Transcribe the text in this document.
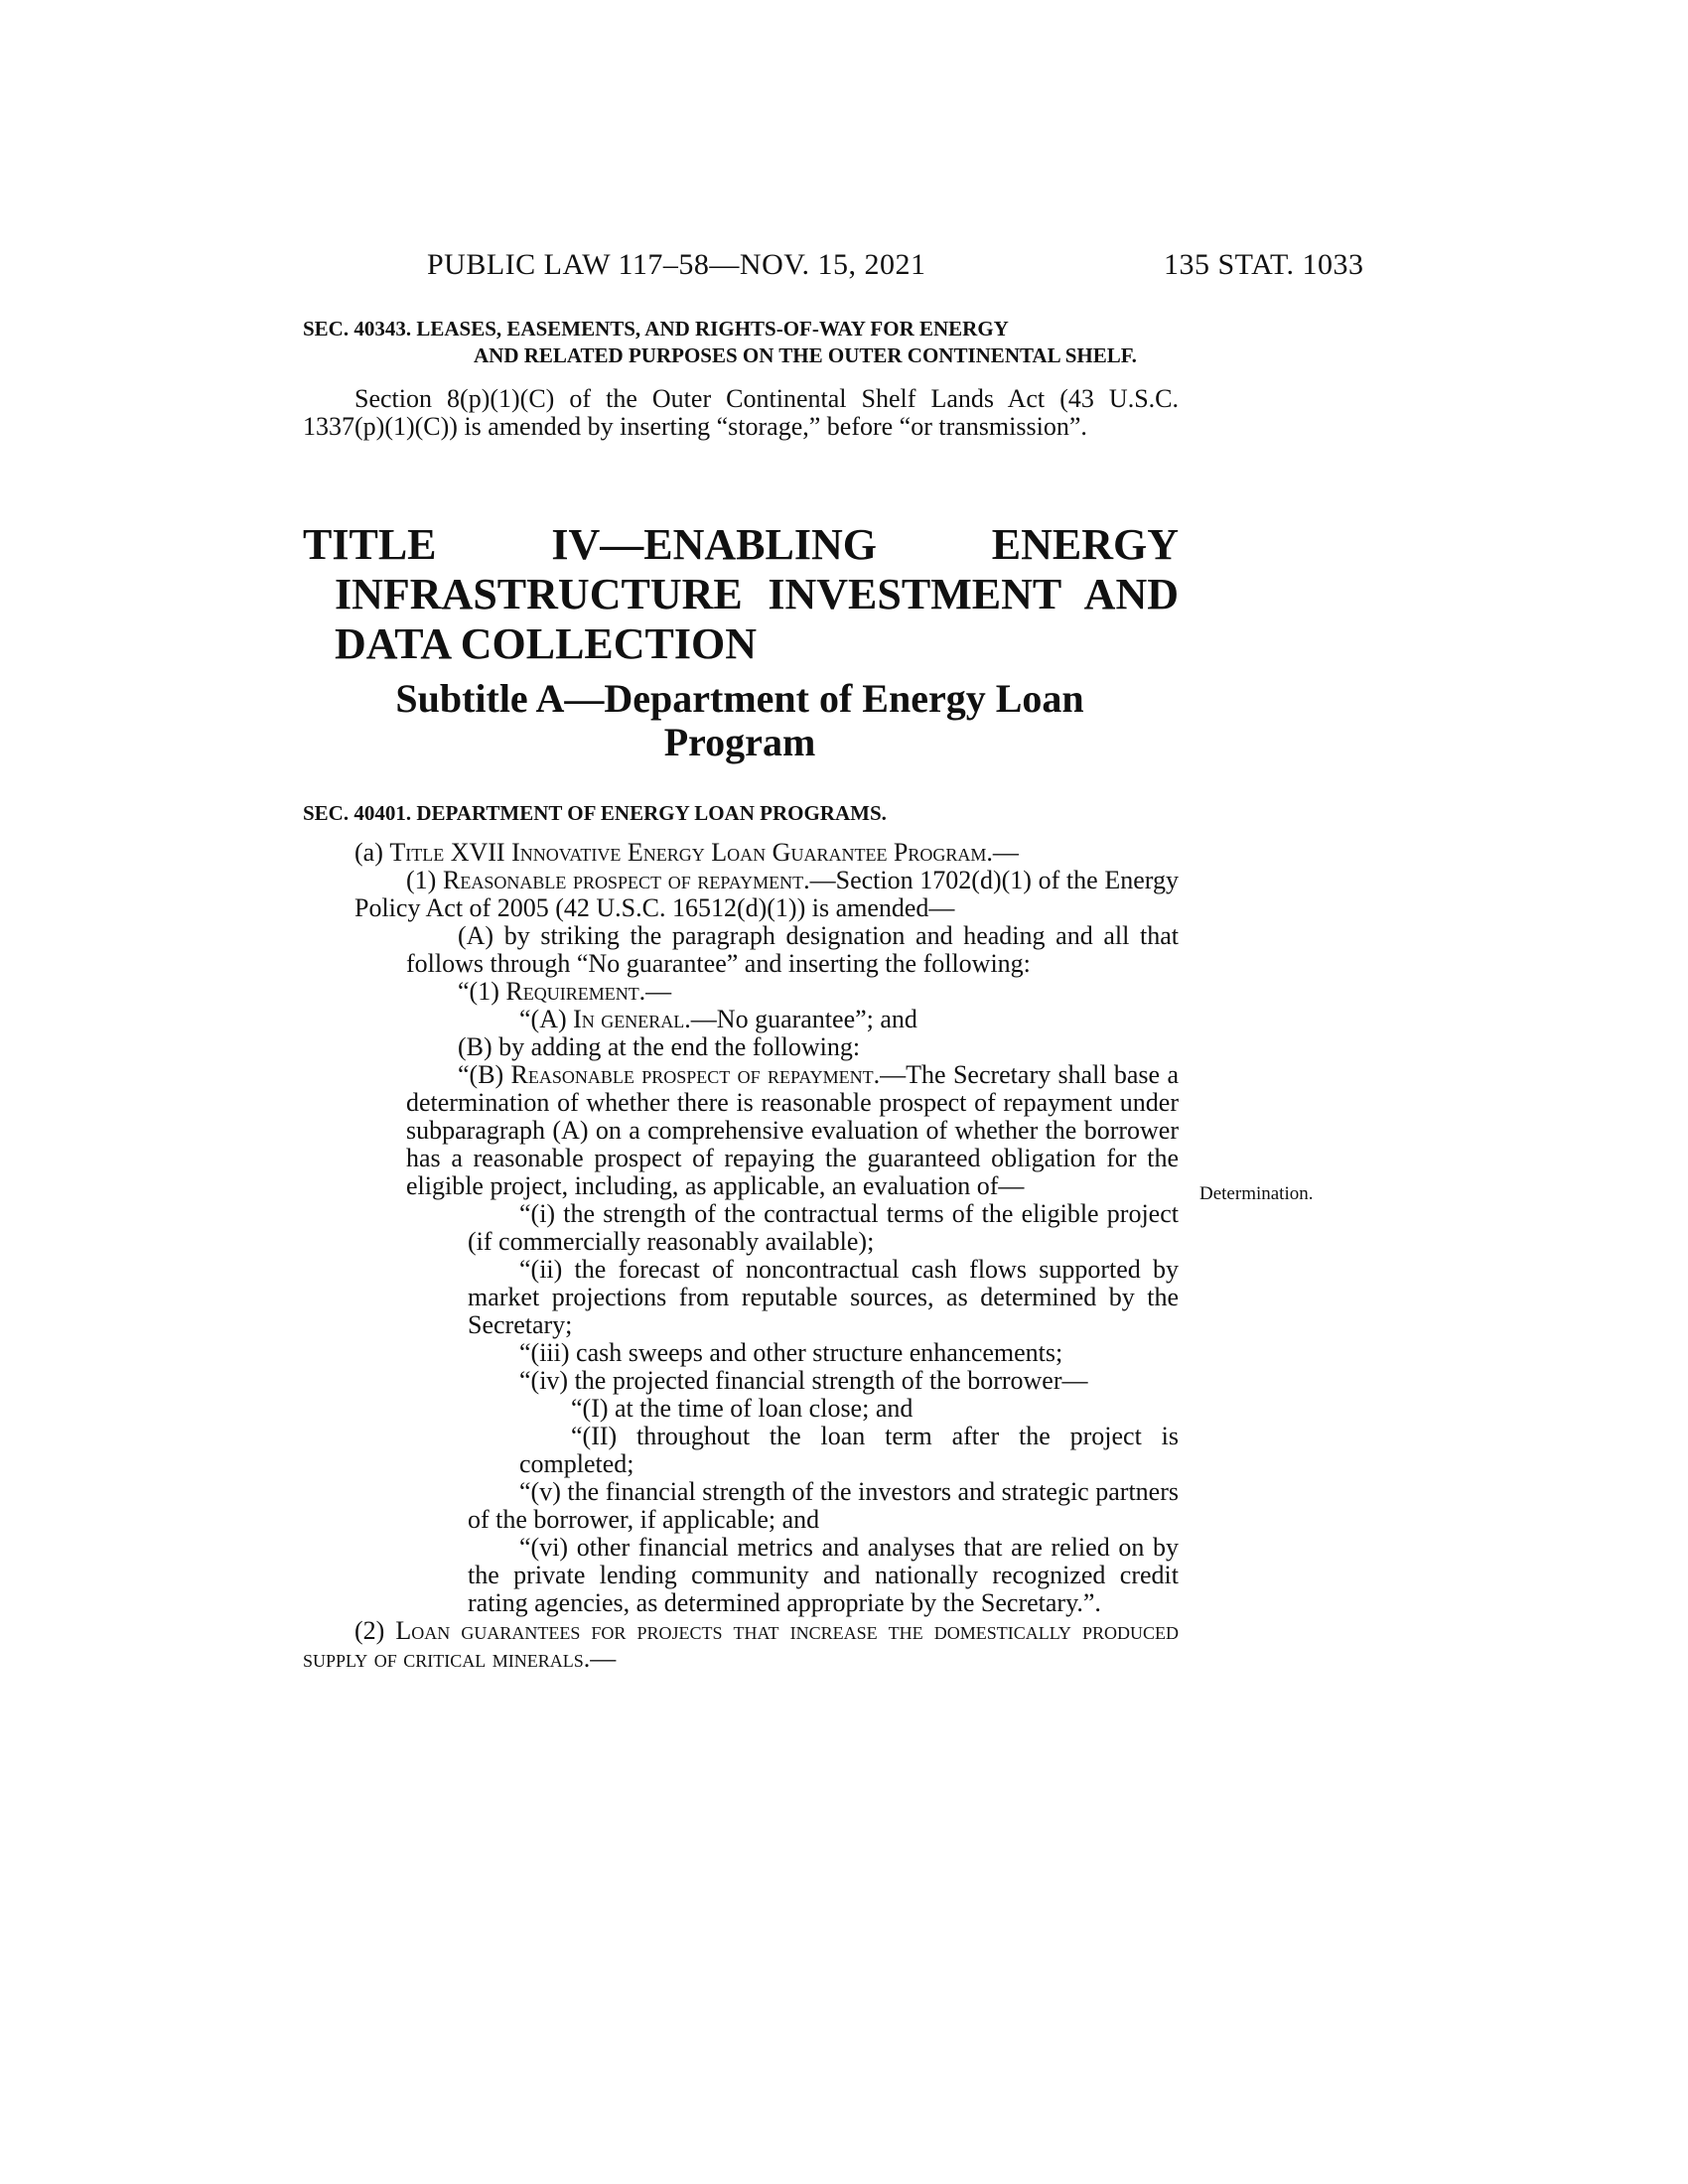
PUBLIC LAW 117–58—NOV. 15, 2021	135 STAT. 1033
SEC. 40343. LEASES, EASEMENTS, AND RIGHTS-OF-WAY FOR ENERGY
AND RELATED PURPOSES ON THE OUTER CONTINENTAL SHELF.

Section 8(p)(1)(C) of the Outer Continental Shelf Lands Act (43 U.S.C. 1337(p)(1)(C)) is amended by inserting “storage,” before “or transmission”.

TITLE IV—ENABLING ENERGY INFRASTRUCTURE INVESTMENT AND DATA COLLECTION
Subtitle A—Department of Energy Loan Program
SEC. 40401. DEPARTMENT OF ENERGY LOAN PROGRAMS.

(a) Title XVII Innovative Energy Loan Guarantee Program.—

(1) Reasonable prospect of repayment.—Section 1702(d)(1) of the Energy Policy Act of 2005 (42 U.S.C. 16512(d)(1)) is amended—

(A) by striking the paragraph designation and heading and all that follows through “No guarantee” and inserting the following:

“(1) Requirement.—

“(A) In general.—No guarantee”; and

(B) by adding at the end the following:

“(B) Reasonable prospect of repayment.—The Secretary shall base a determination of whether there is reasonable prospect of repayment under subparagraph (A) on a comprehensive evaluation of whether the borrower has a reasonable prospect of repaying the guaranteed obligation for the eligible project, including, as applicable, an evaluation of—

“(i) the strength of the contractual terms of the eligible project (if commercially reasonably available);

“(ii) the forecast of noncontractual cash flows supported by market projections from reputable sources, as determined by the Secretary;

“(iii) cash sweeps and other structure enhancements;

“(iv) the projected financial strength of the borrower—

“(I) at the time of loan close; and

“(II) throughout the loan term after the project is completed;

“(v) the financial strength of the investors and strategic partners of the borrower, if applicable; and

“(vi) other financial metrics and analyses that are relied on by the private lending community and nationally recognized credit rating agencies, as determined appropriate by the Secretary.”.

(2) Loan guarantees for projects that increase the domestically produced supply of critical minerals.—

Determination.
